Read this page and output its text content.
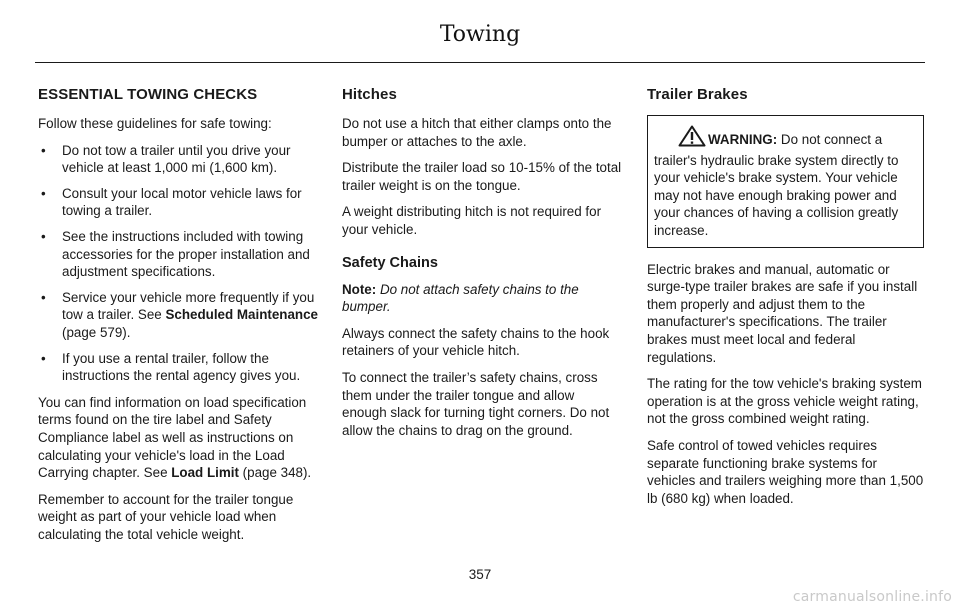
Towing
ESSENTIAL TOWING CHECKS

Follow these guidelines for safe towing:

• Do not tow a trailer until you drive your vehicle at least 1,000 mi (1,600 km).
• Consult your local motor vehicle laws for towing a trailer.
• See the instructions included with towing accessories for the proper installation and adjustment specifications.
• Service your vehicle more frequently if you tow a trailer. See Scheduled Maintenance (page 579).
• If you use a rental trailer, follow the instructions the rental agency gives you.

You can find information on load specification terms found on the tire label and Safety Compliance label as well as instructions on calculating your vehicle's load in the Load Carrying chapter. See Load Limit (page 348).

Remember to account for the trailer tongue weight as part of your vehicle load when calculating the total vehicle weight.

Hitches

Do not use a hitch that either clamps onto the bumper or attaches to the axle.

Distribute the trailer load so 10-15% of the total trailer weight is on the tongue.

A weight distributing hitch is not required for your vehicle.

Safety Chains

Note: Do not attach safety chains to the bumper.

Always connect the safety chains to the hook retainers of your vehicle hitch.

To connect the trailer’s safety chains, cross them under the trailer tongue and allow enough slack for turning tight corners. Do not allow the chains to drag on the ground.

Trailer Brakes
WARNING: Do not connect a trailer's hydraulic brake system directly to your vehicle's brake system. Your vehicle may not have enough braking power and your chances of having a collision greatly increase.

Electric brakes and manual, automatic or surge-type trailer brakes are safe if you install them properly and adjust them to the manufacturer's specifications. The trailer brakes must meet local and federal regulations.

The rating for the tow vehicle's braking system operation is at the gross vehicle weight rating, not the gross combined weight rating.

Safe control of towed vehicles requires separate functioning brake systems for vehicles and trailers weighing more than 1,500 lb (680 kg) when loaded.

357
carmanualsonline.info
